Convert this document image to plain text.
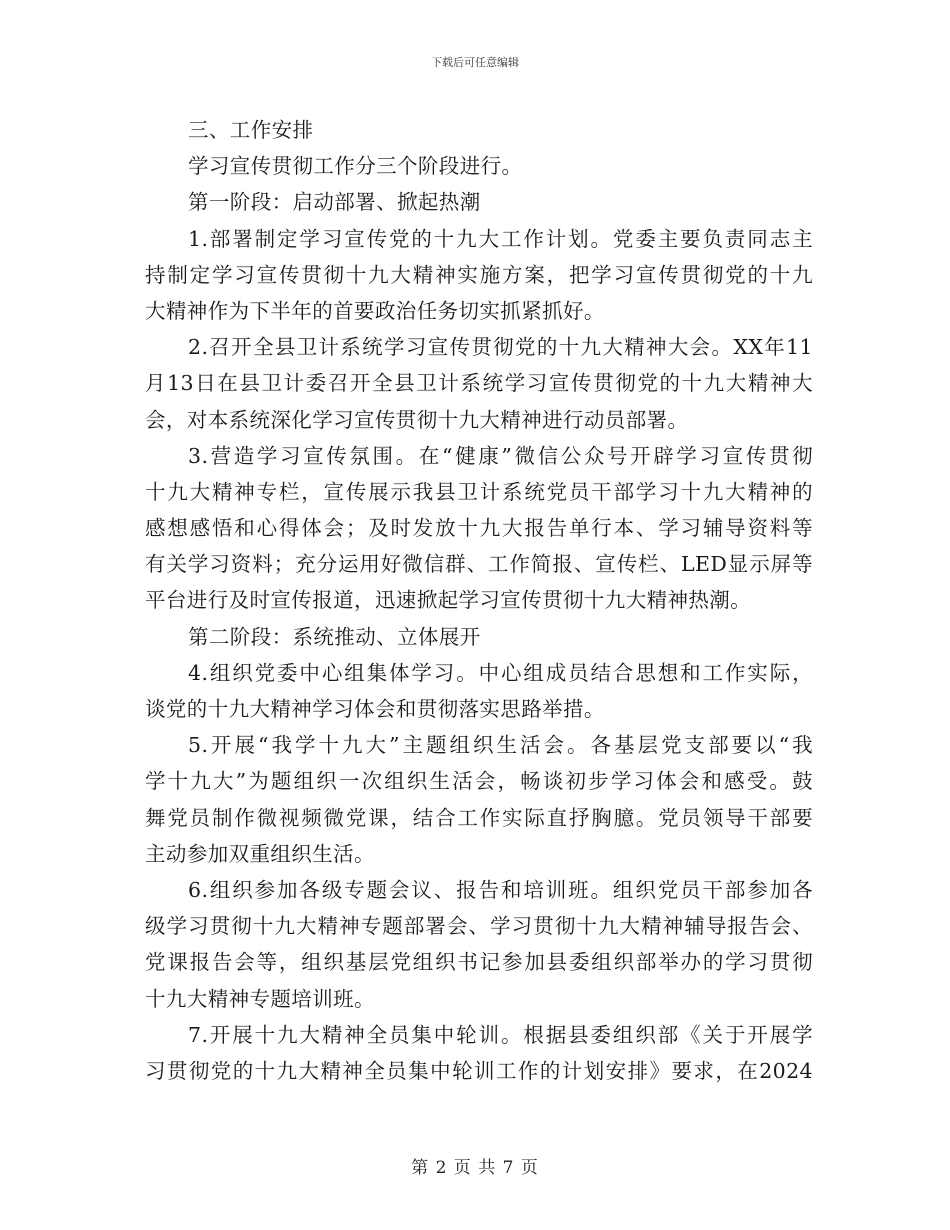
下载后可任意编辑
三、工作安排
学习宣传贯彻工作分三个阶段进行。
第一阶段：启动部署、掀起热潮
1.部署制定学习宣传党的十九大工作计划。党委主要负责同志主
持制定学习宣传贯彻十九大精神实施方案，把学习宣传贯彻党的十九
大精神作为下半年的首要政治任务切实抓紧抓好。
2.召开全县卫计系统学习宣传贯彻党的十九大精神大会。XX年11
月13日在县卫计委召开全县卫计系统学习宣传贯彻党的十九大精神大
会，对本系统深化学习宣传贯彻十九大精神进行动员部署。
3.营造学习宣传氛围。在“健康”微信公众号开辟学习宣传贯彻
十九大精神专栏，宣传展示我县卫计系统党员干部学习十九大精神的
感想感悟和心得体会；及时发放十九大报告单行本、学习辅导资料等
有关学习资料；充分运用好微信群、工作简报、宣传栏、LED显示屏等
平台进行及时宣传报道，迅速掀起学习宣传贯彻十九大精神热潮。
第二阶段：系统推动、立体展开
4.组织党委中心组集体学习。中心组成员结合思想和工作实际，
谈党的十九大精神学习体会和贯彻落实思路举措。
5.开展“我学十九大”主题组织生活会。各基层党支部要以“我
学十九大”为题组织一次组织生活会，畅谈初步学习体会和感受。鼓
舞党员制作微视频微党课，结合工作实际直抒胸臆。党员领导干部要
主动参加双重组织生活。
6.组织参加各级专题会议、报告和培训班。组织党员干部参加各
级学习贯彻十九大精神专题部署会、学习贯彻十九大精神辅导报告会、
党课报告会等，组织基层党组织书记参加县委组织部举办的学习贯彻
十九大精神专题培训班。
7.开展十九大精神全员集中轮训。根据县委组织部《关于开展学
习贯彻党的十九大精神全员集中轮训工作的计划安排》要求，在2024
第 2 页 共 7 页
